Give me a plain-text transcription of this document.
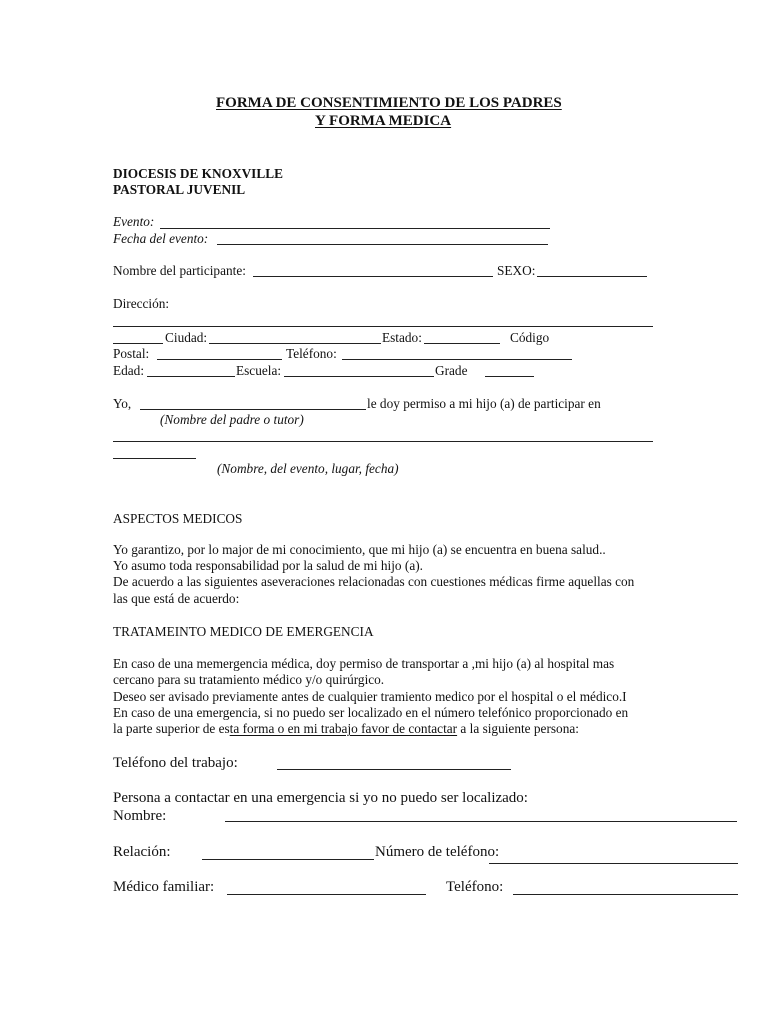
FORMA DE CONSENTIMIENTO DE LOS PADRES
Y FORMA MEDICA
DIOCESIS DE KNOXVILLE
PASTORAL JUVENIL
Evento:
Fecha del evento:
Nombre del participante:	SEXO:
Dirección:
Ciudad:	Estado:	Código
Postal:	Teléfono:
Edad:	Escuela:	Grade
Yo,	le doy permiso a mi hijo (a) de participar en
(Nombre del padre o tutor)
(Nombre, del evento, lugar, fecha)
ASPECTOS MEDICOS
Yo garantizo, por lo major de mi conocimiento, que mi hijo (a) se encuentra en buena salud..
Yo asumo toda responsabilidad por la salud de mi hijo (a).
De acuerdo a las siguientes aseveraciones relacionadas con cuestiones médicas firme aquellas con
las que está de acuerdo:
TRATAMEINTO MEDICO DE EMERGENCIA
En caso de una memergencia médica, doy permiso de transportar a ,mi hijo (a) al hospital mas
cercano para su tratamiento médico y/o quirúrgico.
Deseo ser avisado previamente antes de cualquier tramiento medico por el hospital o el médico.I
En caso de una emergencia, si no puedo ser localizado en el número telefónico proporcionado en
la parte superior de esta forma o en mi trabajo favor de contactar a la siguiente persona:
Teléfono del trabajo:
Persona a contactar en una emergencia si yo no puedo ser localizado:
Nombre:
Relación:	Número de teléfono:
Médico familiar:	Teléfono:
